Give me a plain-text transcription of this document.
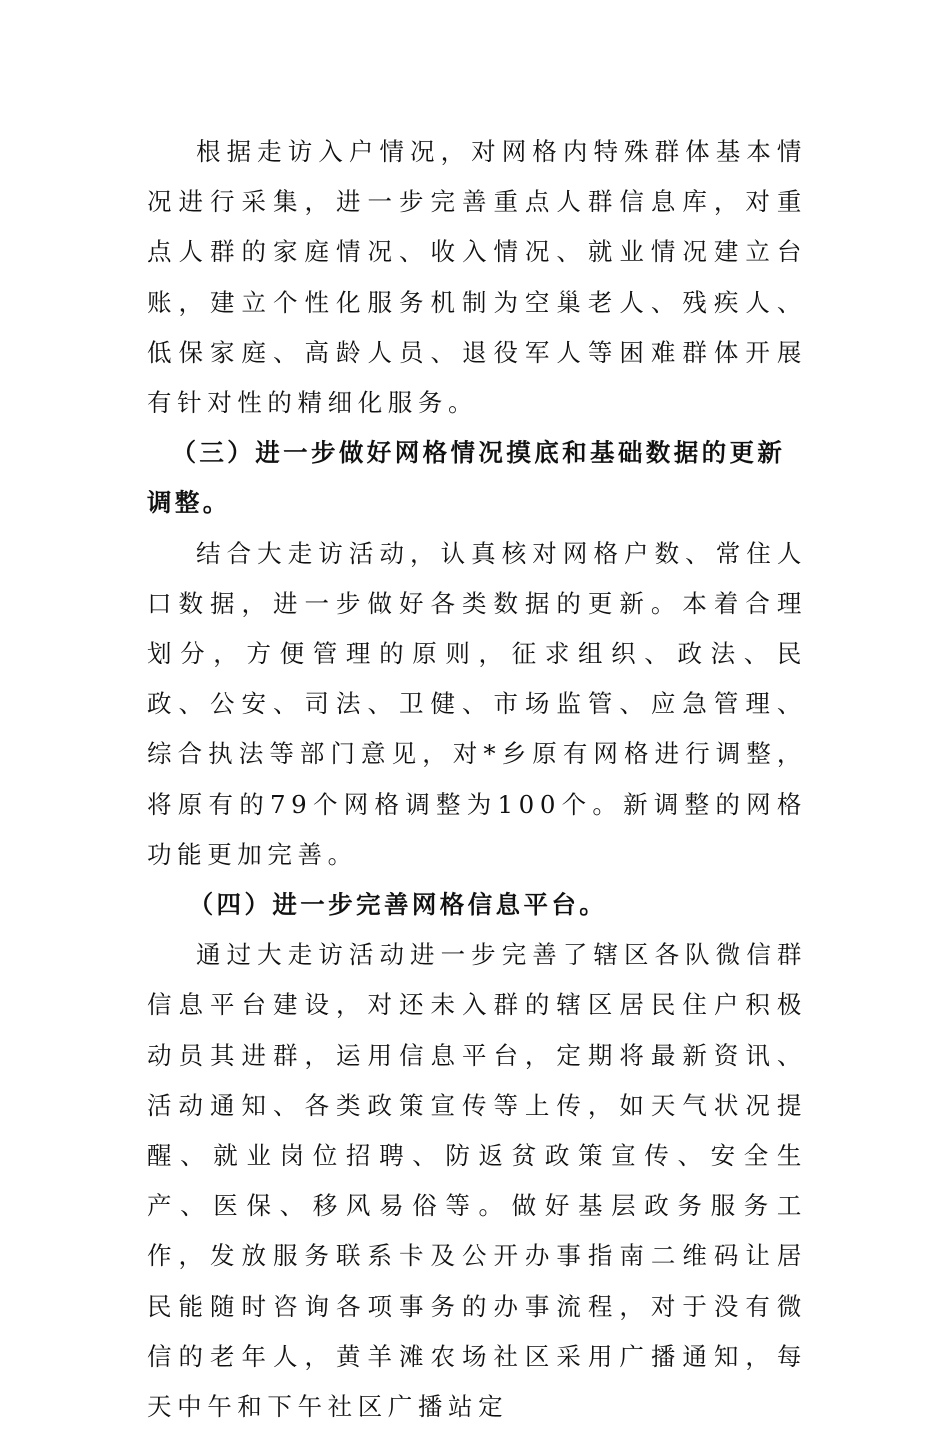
根据走访入户情况，对网格内特殊群体基本情况进行采集，进一步完善重点人群信息库，对重点人群的家庭情况、收入情况、就业情况建立台账，建立个性化服务机制为空巢老人、残疾人、低保家庭、高龄人员、退役军人等困难群体开展有针对性的精细化服务。

（三）进一步做好网格情况摸底和基础数据的更新调整。

结合大走访活动，认真核对网格户数、常住人口数据，进一步做好各类数据的更新。本着合理划分，方便管理的原则，征求组织、政法、民政、公安、司法、卫健、市场监管、应急管理、综合执法等部门意见，对*乡原有网格进行调整，将原有的79个网格调整为100个。新调整的网格功能更加完善。

（四）进一步完善网格信息平台。

通过大走访活动进一步完善了辖区各队微信群信息平台建设，对还未入群的辖区居民住户积极动员其进群，运用信息平台，定期将最新资讯、活动通知、各类政策宣传等上传，如天气状况提醒、就业岗位招聘、防返贫政策宣传、安全生产、医保、移风易俗等。做好基层政务服务工作，发放服务联系卡及公开办事指南二维码让居民能随时咨询各项事务的办事流程，对于没有微信的老年人，黄羊滩农场社区采用广播通知，每天中午和下午社区广播站定
